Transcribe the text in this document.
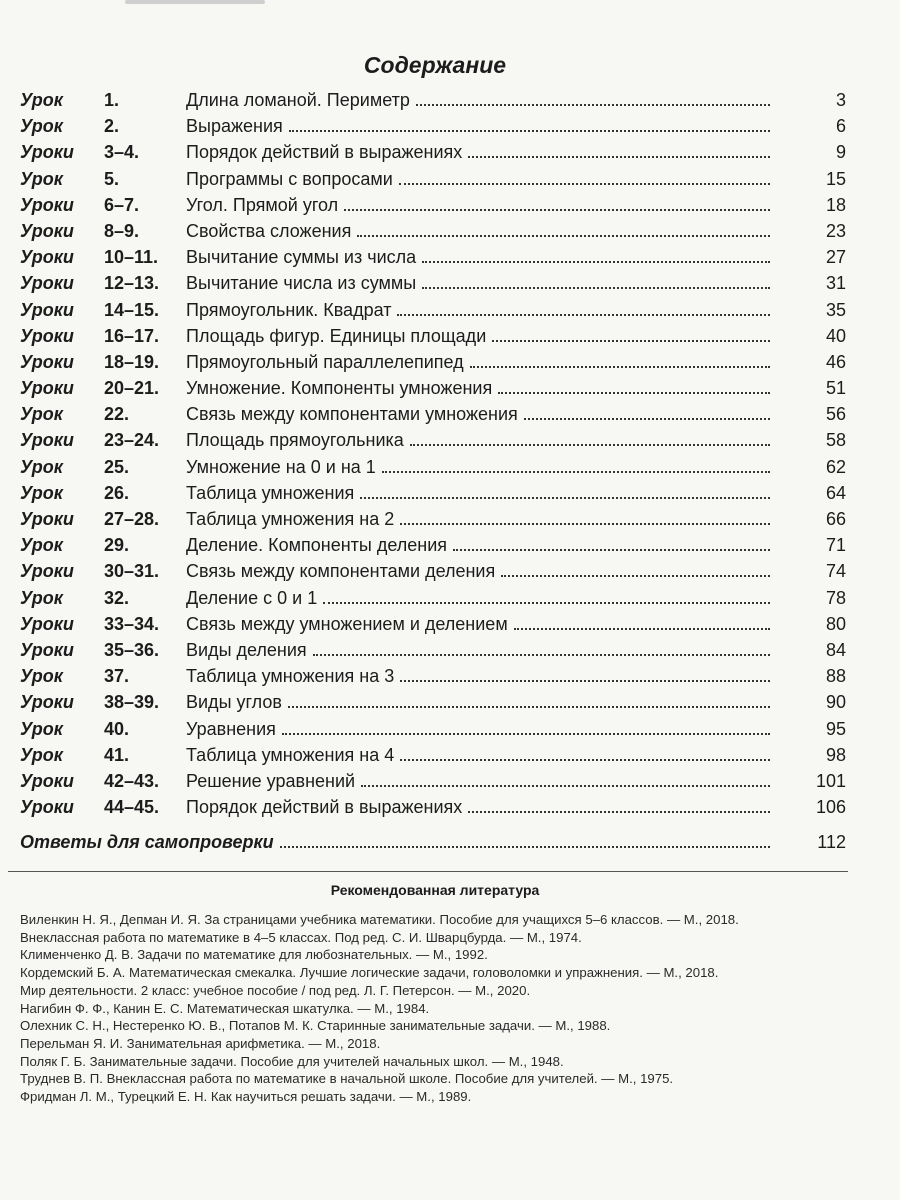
Содержание
Урок	1.	Длина ломаной. Периметр	3
Урок	2.	Выражения	6
Уроки	3–4.	Порядок действий в выражениях	9
Урок	5.	Программы с вопросами	15
Уроки	6–7.	Угол. Прямой угол	18
Уроки	8–9.	Свойства сложения	23
Уроки	10–11.	Вычитание суммы из числа	27
Уроки	12–13.	Вычитание числа из суммы	31
Уроки	14–15.	Прямоугольник. Квадрат	35
Уроки	16–17.	Площадь фигур. Единицы площади	40
Уроки	18–19.	Прямоугольный параллелепипед	46
Уроки	20–21.	Умножение. Компоненты умножения	51
Урок	22.	Связь между компонентами умножения	56
Уроки	23–24.	Площадь прямоугольника	58
Урок	25.	Умножение на 0 и на 1	62
Урок	26.	Таблица умножения	64
Уроки	27–28.	Таблица умножения на 2	66
Урок	29.	Деление. Компоненты деления	71
Уроки	30–31.	Связь между компонентами деления	74
Урок	32.	Деление с 0 и 1	78
Уроки	33–34.	Связь между умножением и делением	80
Уроки	35–36.	Виды деления	84
Урок	37.	Таблица умножения на 3	88
Уроки	38–39.	Виды углов	90
Урок	40.	Уравнения	95
Урок	41.	Таблица умножения на 4	98
Уроки	42–43.	Решение уравнений	101
Уроки	44–45.	Порядок действий в выражениях	106
Ответы для самопроверки	112
Рекомендованная литература

Виленкин Н. Я., Депман И. Я. За страницами учебника математики. Пособие для учащихся 5–6 классов. — М., 2018.

Внеклассная работа по математике в 4–5 классах. Под ред. С. И. Шварцбурда. — М., 1974.

Клименченко Д. В. Задачи по математике для любознательных. — М., 1992.

Кордемский Б. А. Математическая смекалка. Лучшие логические задачи, головоломки и упражнения. — М., 2018.

Мир деятельности. 2 класс: учебное пособие / под ред. Л. Г. Петерсон. — М., 2020.

Нагибин Ф. Ф., Канин Е. С. Математическая шкатулка. — М., 1984.

Олехник С. Н., Нестеренко Ю. В., Потапов М. К. Старинные занимательные задачи. — М., 1988.

Перельман Я. И. Занимательная арифметика. — М., 2018.

Поляк Г. Б. Занимательные задачи. Пособие для учителей начальных школ. — М., 1948.

Труднев В. П. Внеклассная работа по математике в начальной школе. Пособие для учителей. — М., 1975.

Фридман Л. М., Турецкий Е. Н. Как научиться решать задачи. — М., 1989.
